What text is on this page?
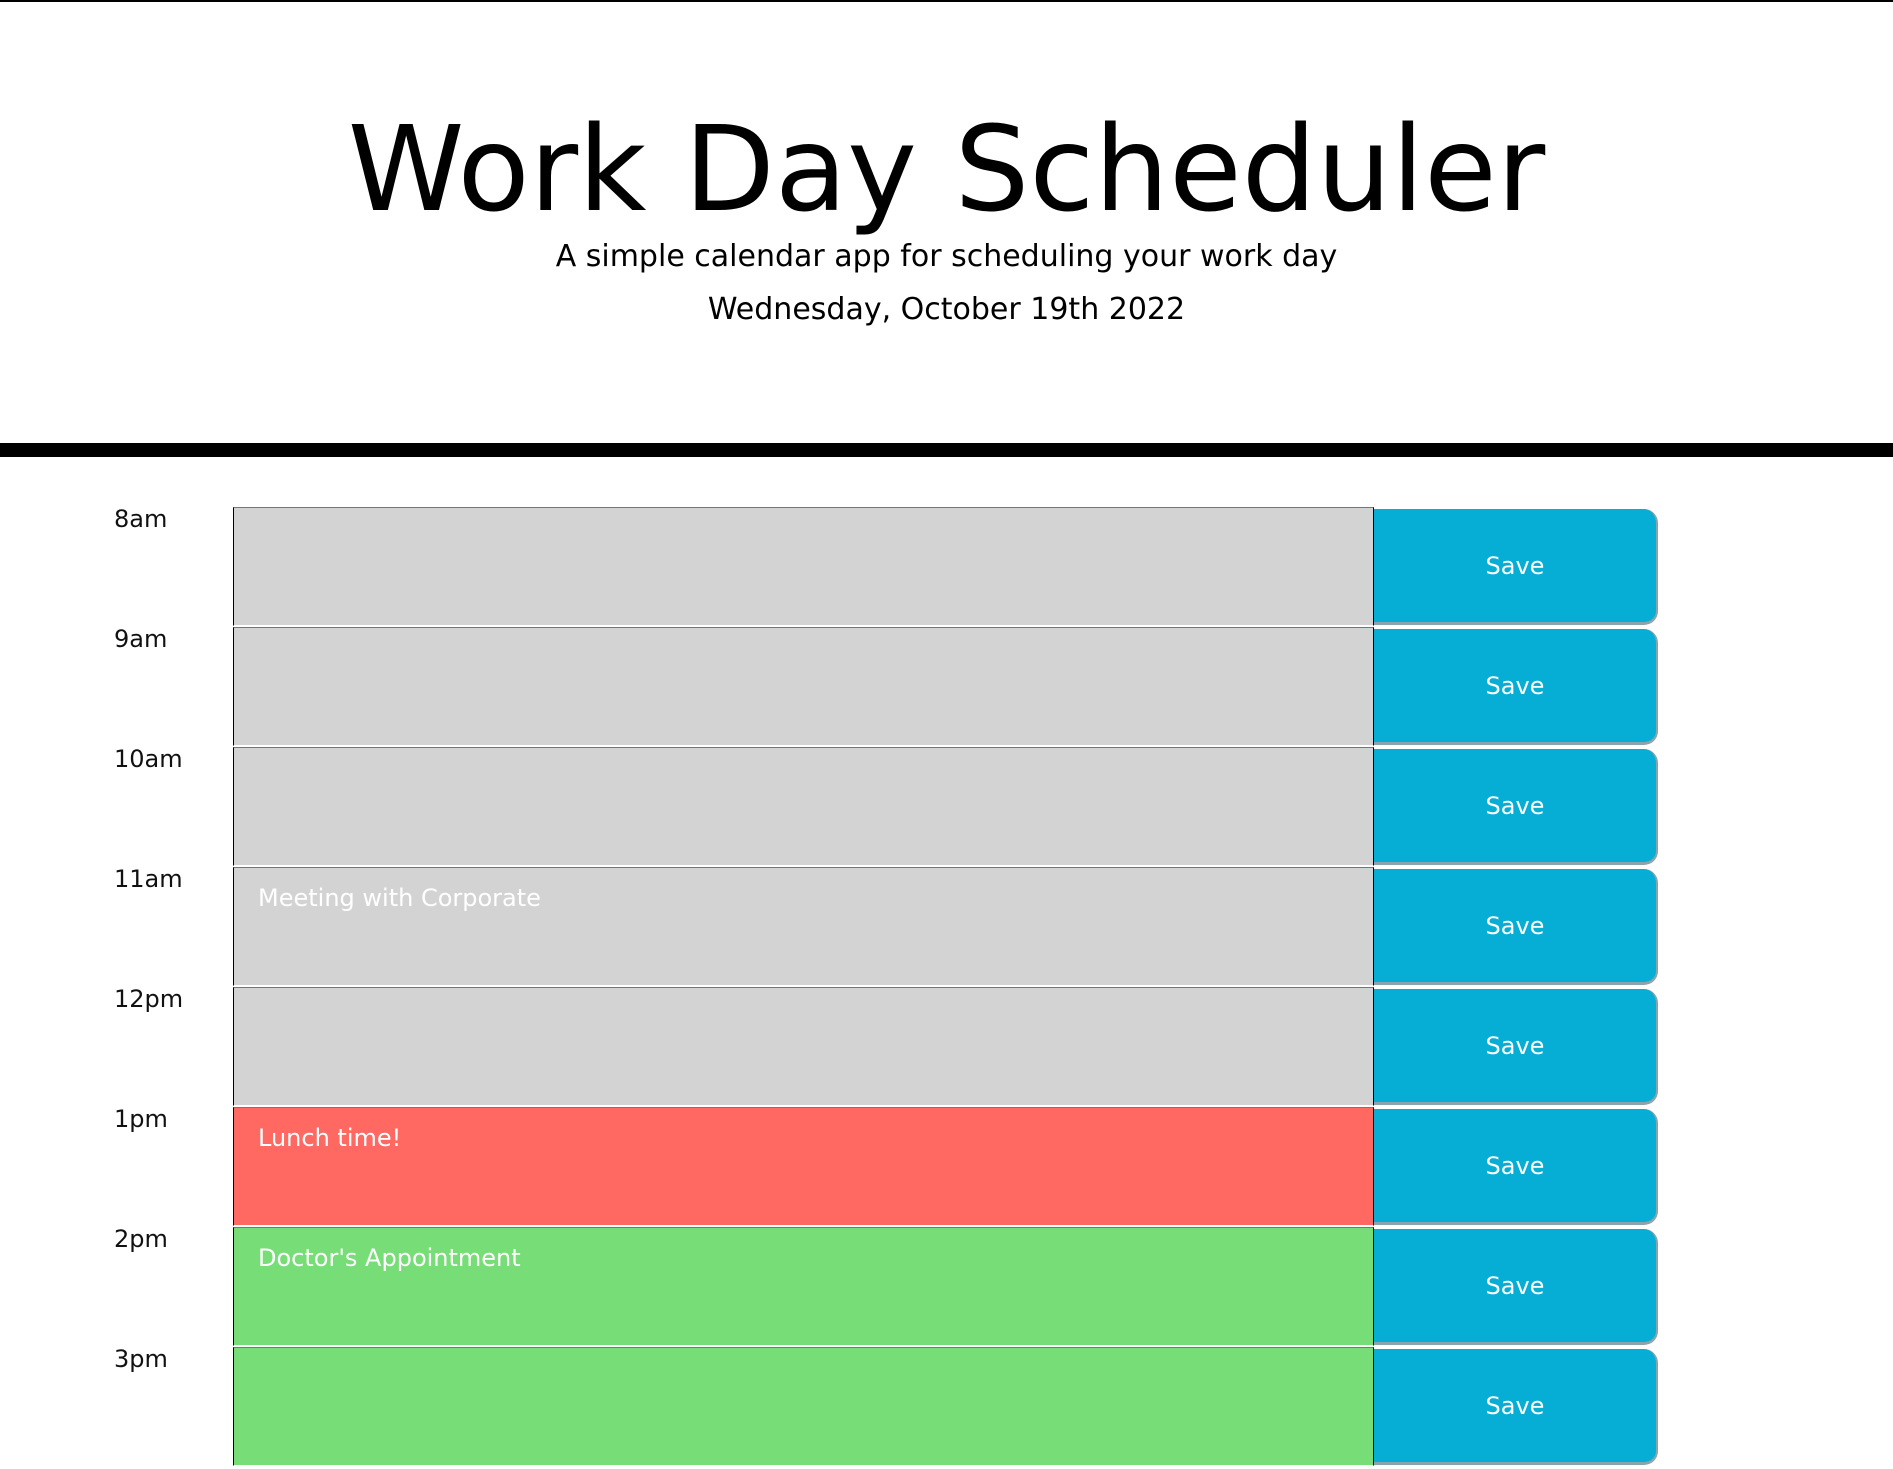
Work Day Scheduler

A simple calendar app for scheduling your work day

Wednesday, October 19th 2022

8am
Save
9am
Save
10am
Save
11am
Meeting with Corporate
Save
12pm
Save
1pm
Lunch time!
Save
2pm
Doctor's Appointment
Save
3pm
Save
